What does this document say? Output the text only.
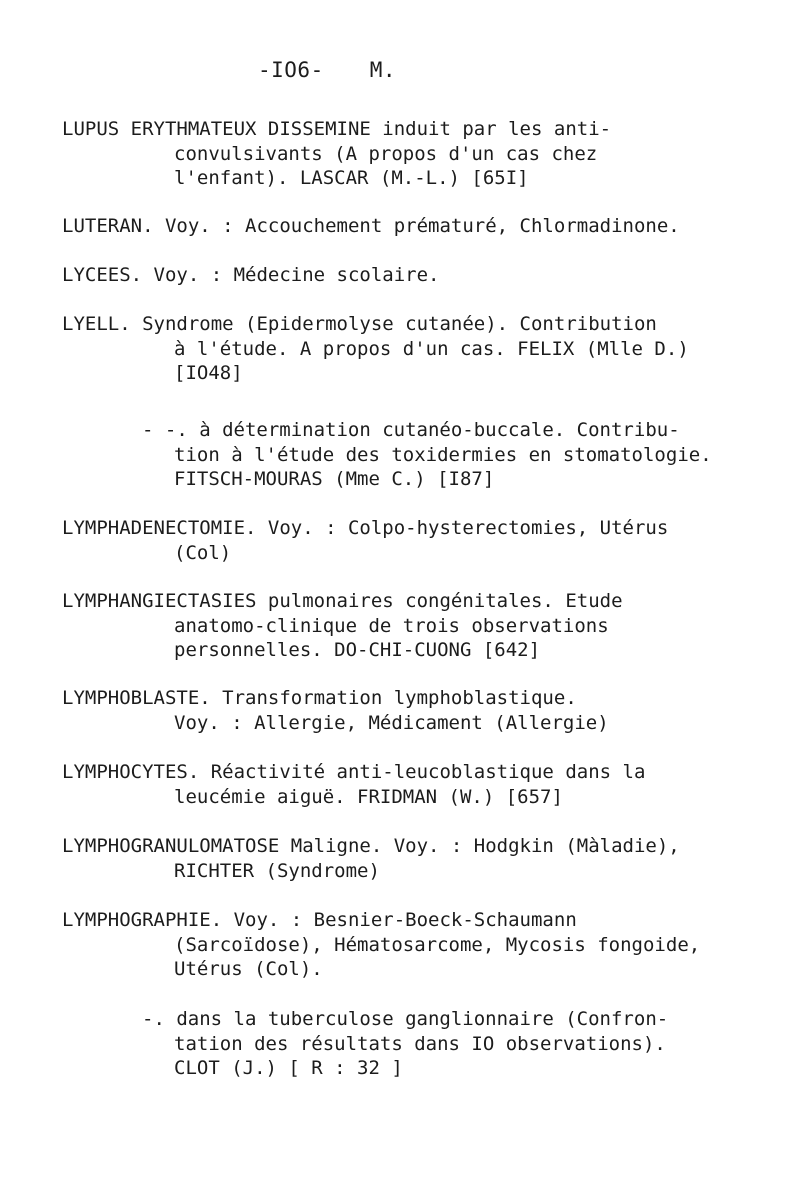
-IO6- M.
LUPUS ERYTHMATEUX DISSEMINE induit par les anti-
convulsivants (A propos d'un cas chez
l'enfant). LASCAR (M.-L.) [65I]
LUTERAN. Voy. : Accouchement prématuré, Chlormadinone.
LYCEES. Voy. : Médecine scolaire.
LYELL. Syndrome (Epidermolyse cutanée). Contribution
à l'étude. A propos d'un cas. FELIX (Mlle D.)
[IO48]
- -. à détermination cutanéo-buccale. Contribu-
tion à l'étude des toxidermies en stomatologie.
FITSCH-MOURAS (Mme C.) [I87]
LYMPHADENECTOMIE. Voy. : Colpo-hysterectomies, Utérus
(Col)
LYMPHANGIECTASIES pulmonaires congénitales. Etude
anatomo-clinique de trois observations
personnelles. DO-CHI-CUONG [642]
LYMPHOBLASTE. Transformation lymphoblastique.
Voy. : Allergie, Médicament (Allergie)
LYMPHOCYTES. Réactivité anti-leucoblastique dans la
leucémie aiguë. FRIDMAN (W.) [657]
LYMPHOGRANULOMATOSE Maligne. Voy. : Hodgkin (Màladie),
RICHTER (Syndrome)
LYMPHOGRAPHIE. Voy. : Besnier-Boeck-Schaumann
(Sarcoïdose), Hématosarcome, Mycosis fongoide,
Utérus (Col).
-. dans la tuberculose ganglionnaire (Confron-
tation des résultats dans IO observations).
CLOT (J.) [ R : 32 ]
